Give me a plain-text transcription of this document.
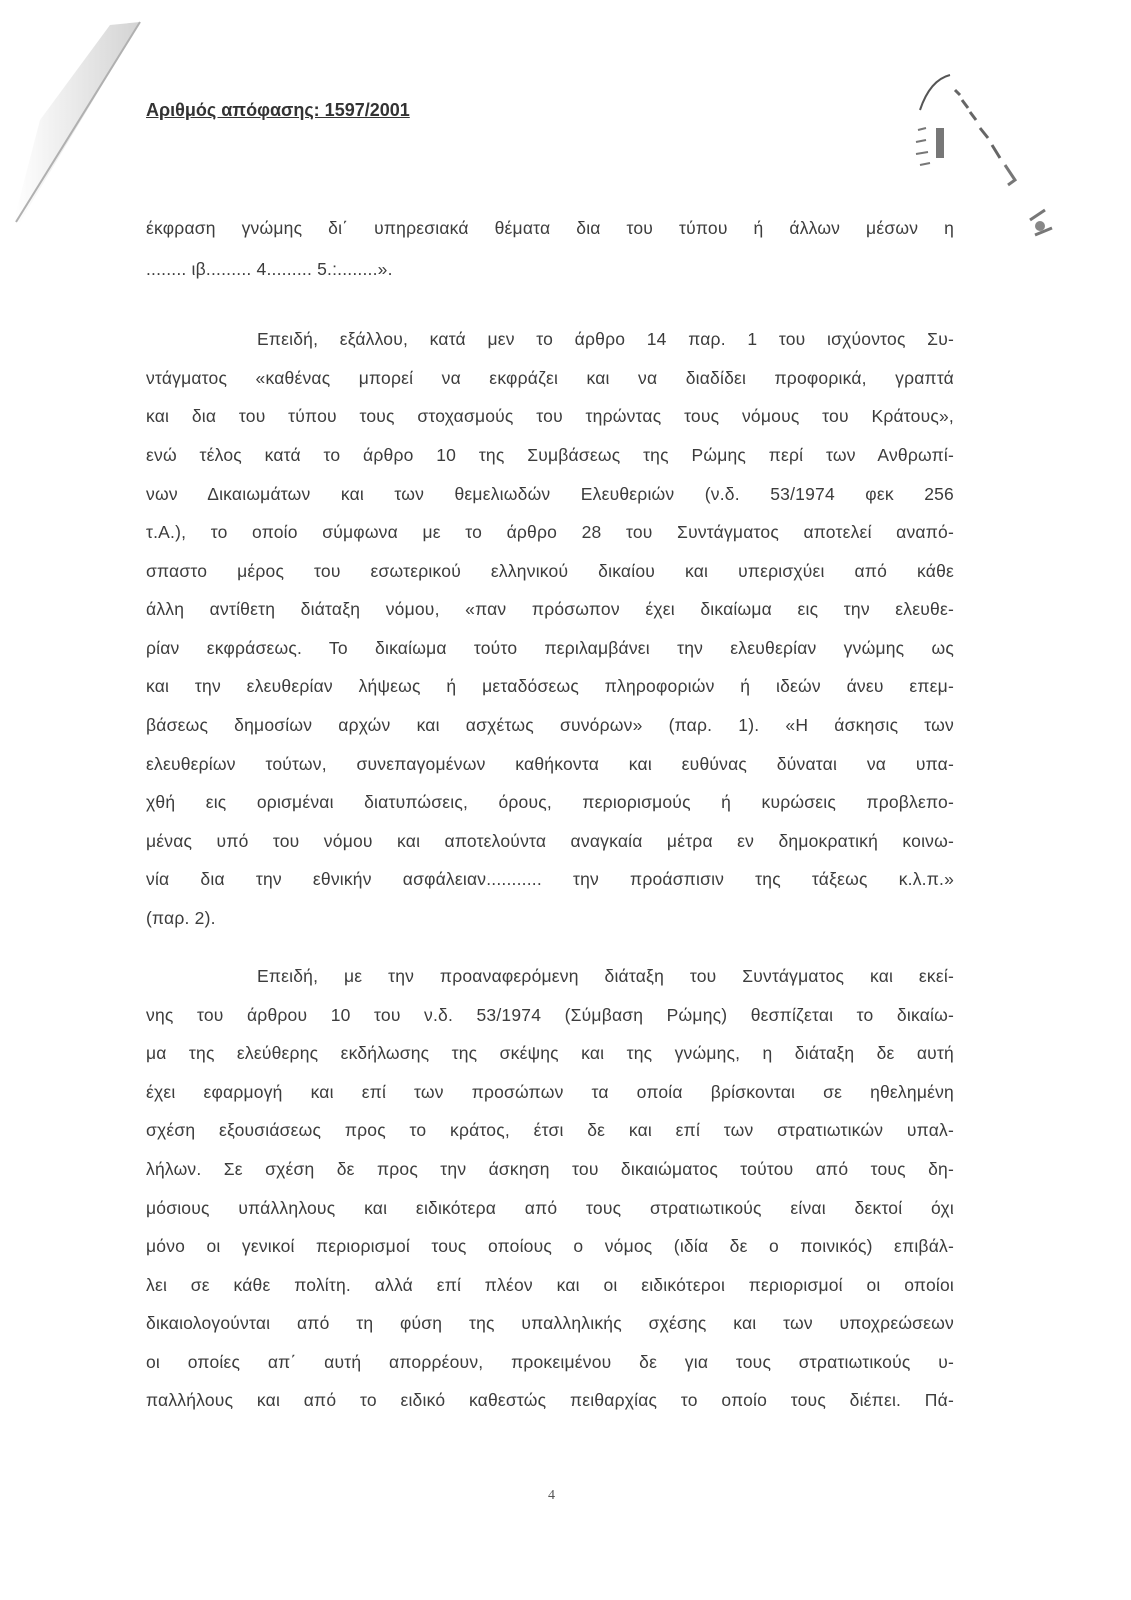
Αριθμός απόφασης: 1597/2001
έκφραση γνώμης δι΄ υπηρεσιακά θέματα δια του τύπου ή άλλων μέσων η
........ ιβ......... 4......... 5.:........».
Επειδή, εξάλλου, κατά μεν το άρθρο 14 παρ. 1 του ισχύοντος Συ-
ντάγματος «καθένας μπορεί να εκφράζει και να διαδίδει προφορικά, γραπτά
και δια του τύπου τους στοχασμούς του τηρώντας τους νόμους του Κράτους»,
ενώ τέλος κατά το άρθρο 10 της Συμβάσεως της Ρώμης περί των Ανθρωπί-
νων Δικαιωμάτων και των θεμελιωδών Ελευθεριών (ν.δ. 53/1974 φεκ 256
τ.Α.), το οποίο σύμφωνα με το άρθρο 28 του Συντάγματος αποτελεί αναπό-
σπαστο μέρος του εσωτερικού ελληνικού δικαίου και υπερισχύει από κάθε
άλλη αντίθετη διάταξη νόμου, «παν πρόσωπον έχει δικαίωμα εις την ελευθε-
ρίαν εκφράσεως. Το δικαίωμα τούτο περιλαμβάνει την ελευθερίαν γνώμης ως
και την ελευθερίαν λήψεως ή μεταδόσεως πληροφοριών ή ιδεών άνευ επεμ-
βάσεως δημοσίων αρχών και ασχέτως συνόρων» (παρ. 1). «Η άσκησις των
ελευθερίων τούτων, συνεπαγομένων καθήκοντα και ευθύνας δύναται να υπα-
χθή εις ορισμέναι διατυπώσεις, όρους, περιορισμούς ή κυρώσεις προβλεπο-
μένας υπό του νόμου και αποτελούντα αναγκαία μέτρα εν δημοκρατική κοινω-
νία δια την εθνικήν ασφάλειαν........... την προάσπισιν της τάξεως κ.λ.π.»
(παρ. 2).
Επειδή, με την προαναφερόμενη διάταξη του Συντάγματος και εκεί-
νης του άρθρου 10 του ν.δ. 53/1974 (Σύμβαση Ρώμης) θεσπίζεται το δικαίω-
μα της ελεύθερης εκδήλωσης της σκέψης και της γνώμης, η διάταξη δε αυτή
έχει εφαρμογή και επί των προσώπων τα οποία βρίσκονται σε ηθελημένη
σχέση εξουσιάσεως προς το κράτος, έτσι δε και επί των στρατιωτικών υπαλ-
λήλων. Σε σχέση δε προς την άσκηση του δικαιώματος τούτου από τους δη-
μόσιους υπάλληλους και ειδικότερα από τους στρατιωτικούς είναι δεκτοί όχι
μόνο οι γενικοί περιορισμοί τους οποίους ο νόμος (ιδία δε ο ποινικός) επιβάλ-
λει σε κάθε πολίτη. αλλά επί πλέον και οι ειδικότεροι περιορισμοί οι οποίοι
δικαιολογούνται από τη φύση της υπαλληλικής σχέσης και των υποχρεώσεων
οι οποίες απ΄ αυτή απορρέουν, προκειμένου δε για τους στρατιωτικούς υ-
παλλήλους και από το ειδικό καθεστώς πειθαρχίας το οποίο τους διέπει. Πά-
4
